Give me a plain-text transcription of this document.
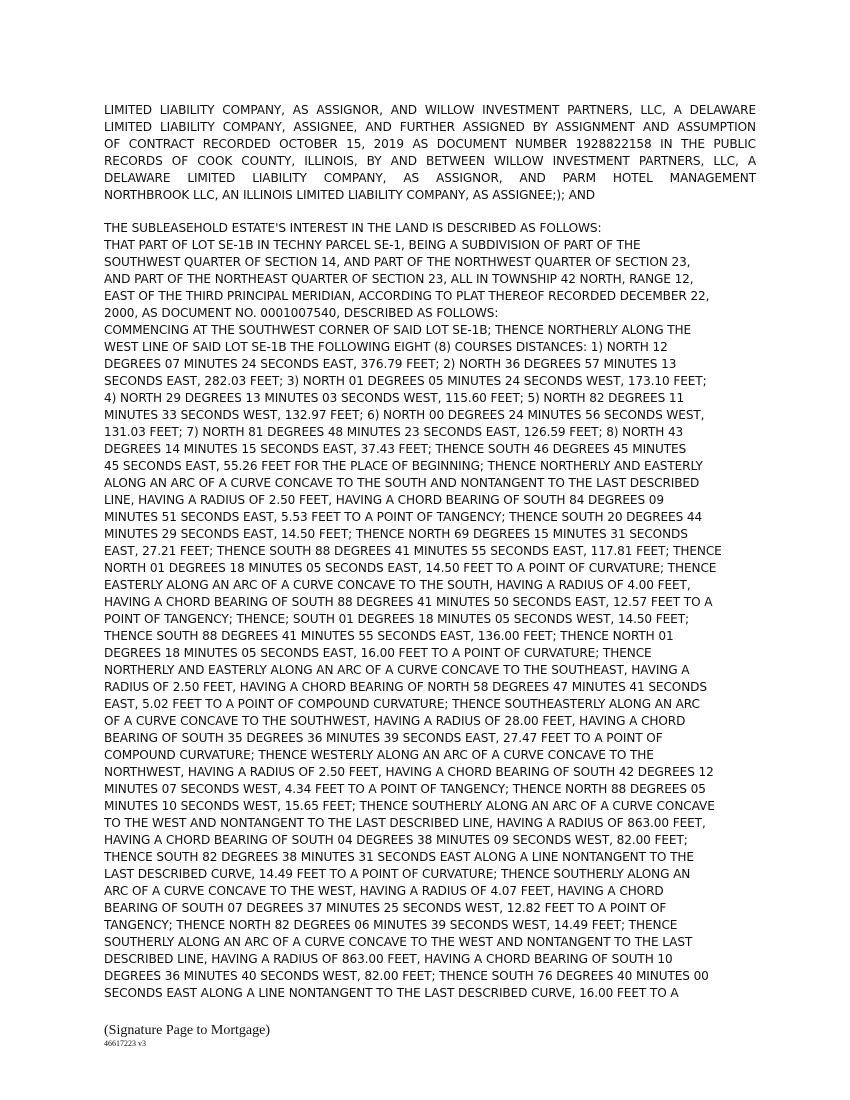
LIMITED LIABILITY COMPANY, AS ASSIGNOR, AND WILLOW INVESTMENT PARTNERS, LLC, A DELAWARE
LIMITED LIABILITY COMPANY, ASSIGNEE, AND FURTHER ASSIGNED BY ASSIGNMENT AND ASSUMPTION
OF CONTRACT RECORDED OCTOBER 15, 2019 AS DOCUMENT NUMBER 1928822158 IN THE PUBLIC
RECORDS OF COOK COUNTY, ILLINOIS, BY AND BETWEEN WILLOW INVESTMENT PARTNERS, LLC, A
DELAWARE LIMITED LIABILITY COMPANY, AS ASSIGNOR, AND PARM HOTEL MANAGEMENT
NORTHBROOK LLC, AN ILLINOIS LIMITED LIABILITY COMPANY, AS ASSIGNEE;); AND
THE SUBLEASEHOLD ESTATE'S INTEREST IN THE LAND IS DESCRIBED AS FOLLOWS:
THAT PART OF LOT SE-1B IN TECHNY PARCEL SE-1, BEING A SUBDIVISION OF PART OF THE
SOUTHWEST QUARTER OF SECTION 14, AND PART OF THE NORTHWEST QUARTER OF SECTION 23,
AND PART OF THE NORTHEAST QUARTER OF SECTION 23, ALL IN TOWNSHIP 42 NORTH, RANGE 12,
EAST OF THE THIRD PRINCIPAL MERIDIAN, ACCORDING TO PLAT THEREOF RECORDED DECEMBER 22,
2000, AS DOCUMENT NO. 0001007540, DESCRIBED AS FOLLOWS:
COMMENCING AT THE SOUTHWEST CORNER OF SAID LOT SE-1B; THENCE NORTHERLY ALONG THE
WEST LINE OF SAID LOT SE-1B THE FOLLOWING EIGHT (8) COURSES DISTANCES: 1) NORTH 12
DEGREES 07 MINUTES 24 SECONDS EAST, 376.79 FEET; 2) NORTH 36 DEGREES 57 MINUTES 13
SECONDS EAST, 282.03 FEET; 3) NORTH 01 DEGREES 05 MINUTES 24 SECONDS WEST, 173.10 FEET;
4) NORTH 29 DEGREES 13 MINUTES 03 SECONDS WEST, 115.60 FEET; 5) NORTH 82 DEGREES 11
MINUTES 33 SECONDS WEST, 132.97 FEET; 6) NORTH 00 DEGREES 24 MINUTES 56 SECONDS WEST,
131.03 FEET; 7) NORTH 81 DEGREES 48 MINUTES 23 SECONDS EAST, 126.59 FEET; 8) NORTH 43
DEGREES 14 MINUTES 15 SECONDS EAST, 37.43 FEET; THENCE SOUTH 46 DEGREES 45 MINUTES
45 SECONDS EAST, 55.26 FEET FOR THE PLACE OF BEGINNING; THENCE NORTHERLY AND EASTERLY
ALONG AN ARC OF A CURVE CONCAVE TO THE SOUTH AND NONTANGENT TO THE LAST DESCRIBED
LINE, HAVING A RADIUS OF 2.50 FEET, HAVING A CHORD BEARING OF SOUTH 84 DEGREES 09
MINUTES 51 SECONDS EAST, 5.53 FEET TO A POINT OF TANGENCY; THENCE SOUTH 20 DEGREES 44
MINUTES 29 SECONDS EAST, 14.50 FEET; THENCE NORTH 69 DEGREES 15 MINUTES 31 SECONDS
EAST, 27.21 FEET; THENCE SOUTH 88 DEGREES 41 MINUTES 55 SECONDS EAST, 117.81 FEET; THENCE
NORTH 01 DEGREES 18 MINUTES 05 SECONDS EAST, 14.50 FEET TO A POINT OF CURVATURE; THENCE
EASTERLY ALONG AN ARC OF A CURVE CONCAVE TO THE SOUTH, HAVING A RADIUS OF 4.00 FEET,
HAVING A CHORD BEARING OF SOUTH 88 DEGREES 41 MINUTES 50 SECONDS EAST, 12.57 FEET TO A
POINT OF TANGENCY; THENCE; SOUTH 01 DEGREES 18 MINUTES 05 SECONDS WEST, 14.50 FEET;
THENCE SOUTH 88 DEGREES 41 MINUTES 55 SECONDS EAST, 136.00 FEET; THENCE NORTH 01
DEGREES 18 MINUTES 05 SECONDS EAST, 16.00 FEET TO A POINT OF CURVATURE; THENCE
NORTHERLY AND EASTERLY ALONG AN ARC OF A CURVE CONCAVE TO THE SOUTHEAST, HAVING A
RADIUS OF 2.50 FEET, HAVING A CHORD BEARING OF NORTH 58 DEGREES 47 MINUTES 41 SECONDS
EAST, 5.02 FEET TO A POINT OF COMPOUND CURVATURE; THENCE SOUTHEASTERLY ALONG AN ARC
OF A CURVE CONCAVE TO THE SOUTHWEST, HAVING A RADIUS OF 28.00 FEET, HAVING A CHORD
BEARING OF SOUTH 35 DEGREES 36 MINUTES 39 SECONDS EAST, 27.47 FEET TO A POINT OF
COMPOUND CURVATURE; THENCE WESTERLY ALONG AN ARC OF A CURVE CONCAVE TO THE
NORTHWEST, HAVING A RADIUS OF 2.50 FEET, HAVING A CHORD BEARING OF SOUTH 42 DEGREES 12
MINUTES 07 SECONDS WEST, 4.34 FEET TO A POINT OF TANGENCY; THENCE NORTH 88 DEGREES 05
MINUTES 10 SECONDS WEST, 15.65 FEET; THENCE SOUTHERLY ALONG AN ARC OF A CURVE CONCAVE
TO THE WEST AND NONTANGENT TO THE LAST DESCRIBED LINE, HAVING A RADIUS OF 863.00 FEET,
HAVING A CHORD BEARING OF SOUTH 04 DEGREES 38 MINUTES 09 SECONDS WEST, 82.00 FEET;
THENCE SOUTH 82 DEGREES 38 MINUTES 31 SECONDS EAST ALONG A LINE NONTANGENT TO THE
LAST DESCRIBED CURVE, 14.49 FEET TO A POINT OF CURVATURE; THENCE SOUTHERLY ALONG AN
ARC OF A CURVE CONCAVE TO THE WEST, HAVING A RADIUS OF 4.07 FEET, HAVING A CHORD
BEARING OF SOUTH 07 DEGREES 37 MINUTES 25 SECONDS WEST, 12.82 FEET TO A POINT OF
TANGENCY; THENCE NORTH 82 DEGREES 06 MINUTES 39 SECONDS WEST, 14.49 FEET; THENCE
SOUTHERLY ALONG AN ARC OF A CURVE CONCAVE TO THE WEST AND NONTANGENT TO THE LAST
DESCRIBED LINE, HAVING A RADIUS OF 863.00 FEET, HAVING A CHORD BEARING OF SOUTH 10
DEGREES 36 MINUTES 40 SECONDS WEST, 82.00 FEET; THENCE SOUTH 76 DEGREES 40 MINUTES 00
SECONDS EAST ALONG A LINE NONTANGENT TO THE LAST DESCRIBED CURVE, 16.00 FEET TO A
(Signature Page to Mortgage)
46617223 v3
